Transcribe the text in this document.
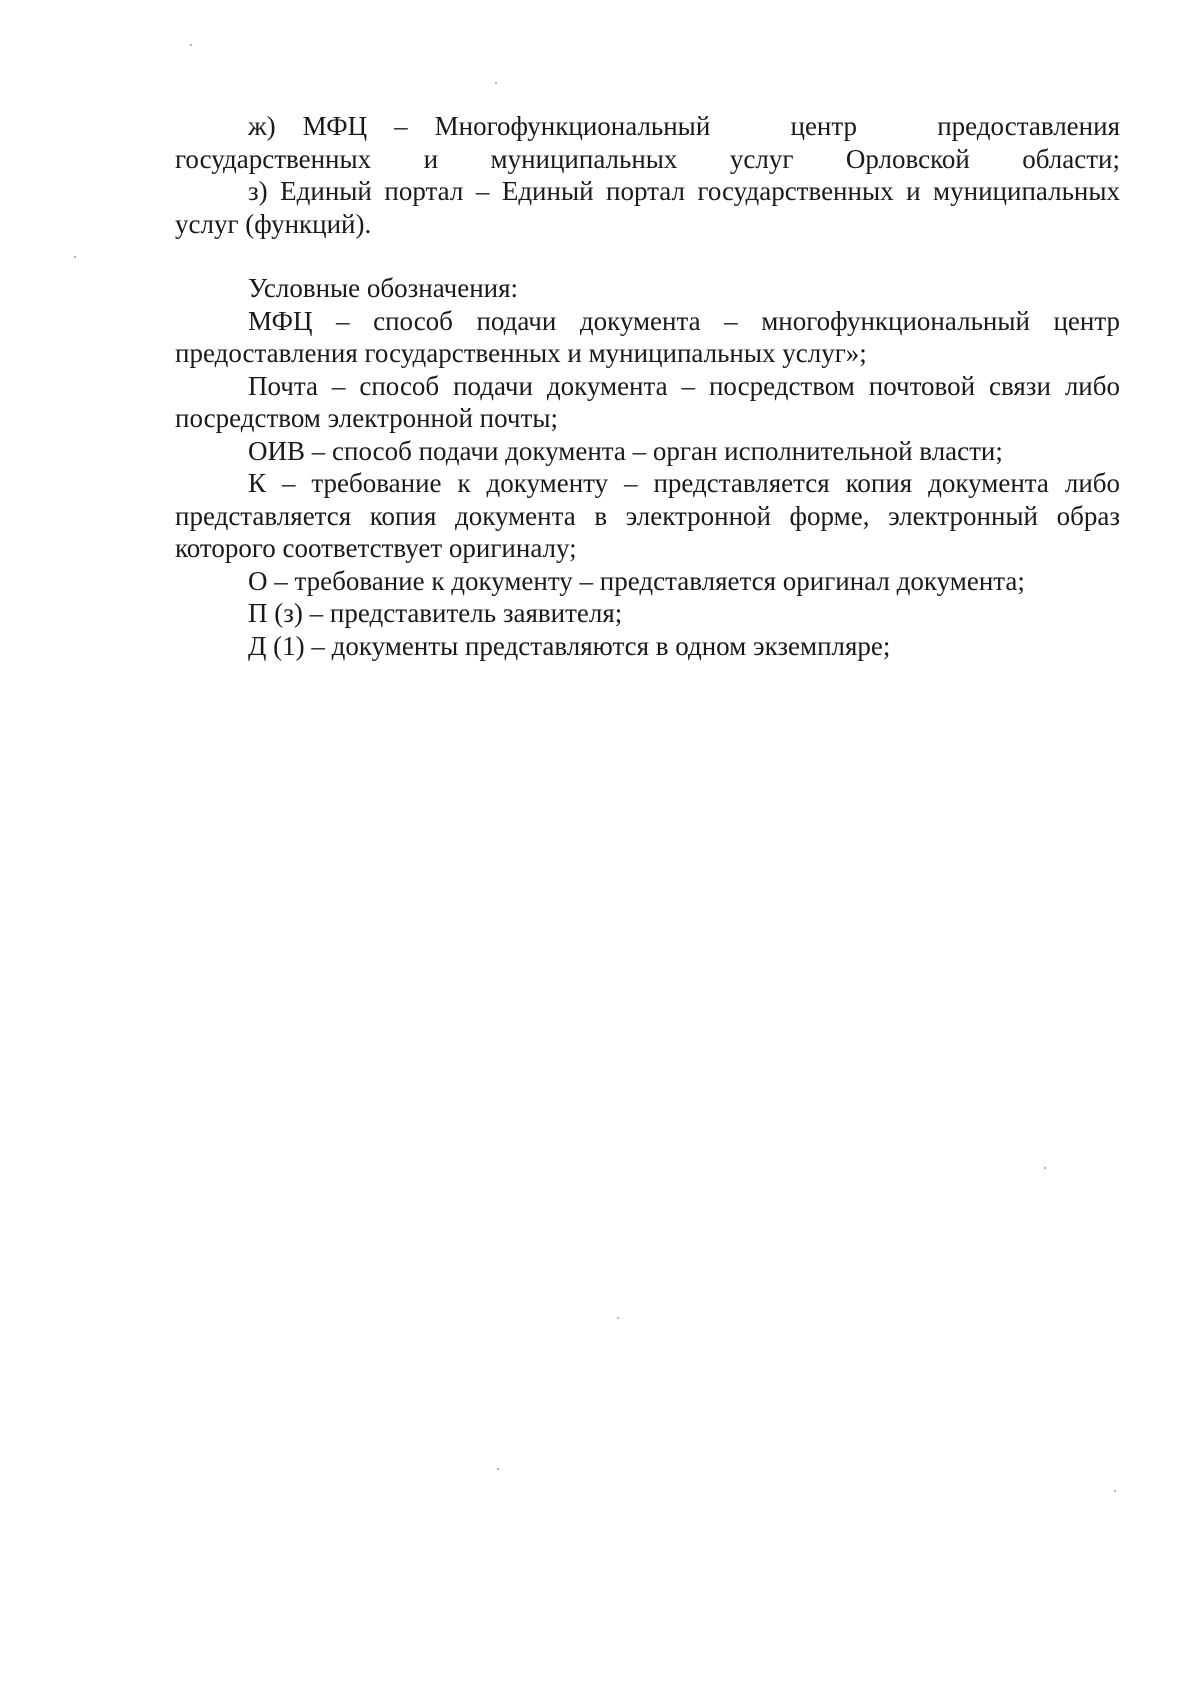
ж) МФЦ – Многофункциональный центр предоставления государственных и муниципальных услуг Орловской области;

з) Единый портал – Единый портал государственных и муниципальных услуг (функций).

Условные обозначения:

МФЦ – способ подачи документа – многофункциональный центр предоставления государственных и муниципальных услуг»;

Почта – способ подачи документа – посредством почтовой связи либо посредством электронной почты;

ОИВ – способ подачи документа – орган исполнительной власти;

К – требование к документу – представляется копия документа либо представляется копия документа в электронной форме, электронный образ которого соответствует оригиналу;

О – требование к документу – представляется оригинал документа;

П (з) – представитель заявителя;

Д (1) – документы представляются в одном экземпляре;
